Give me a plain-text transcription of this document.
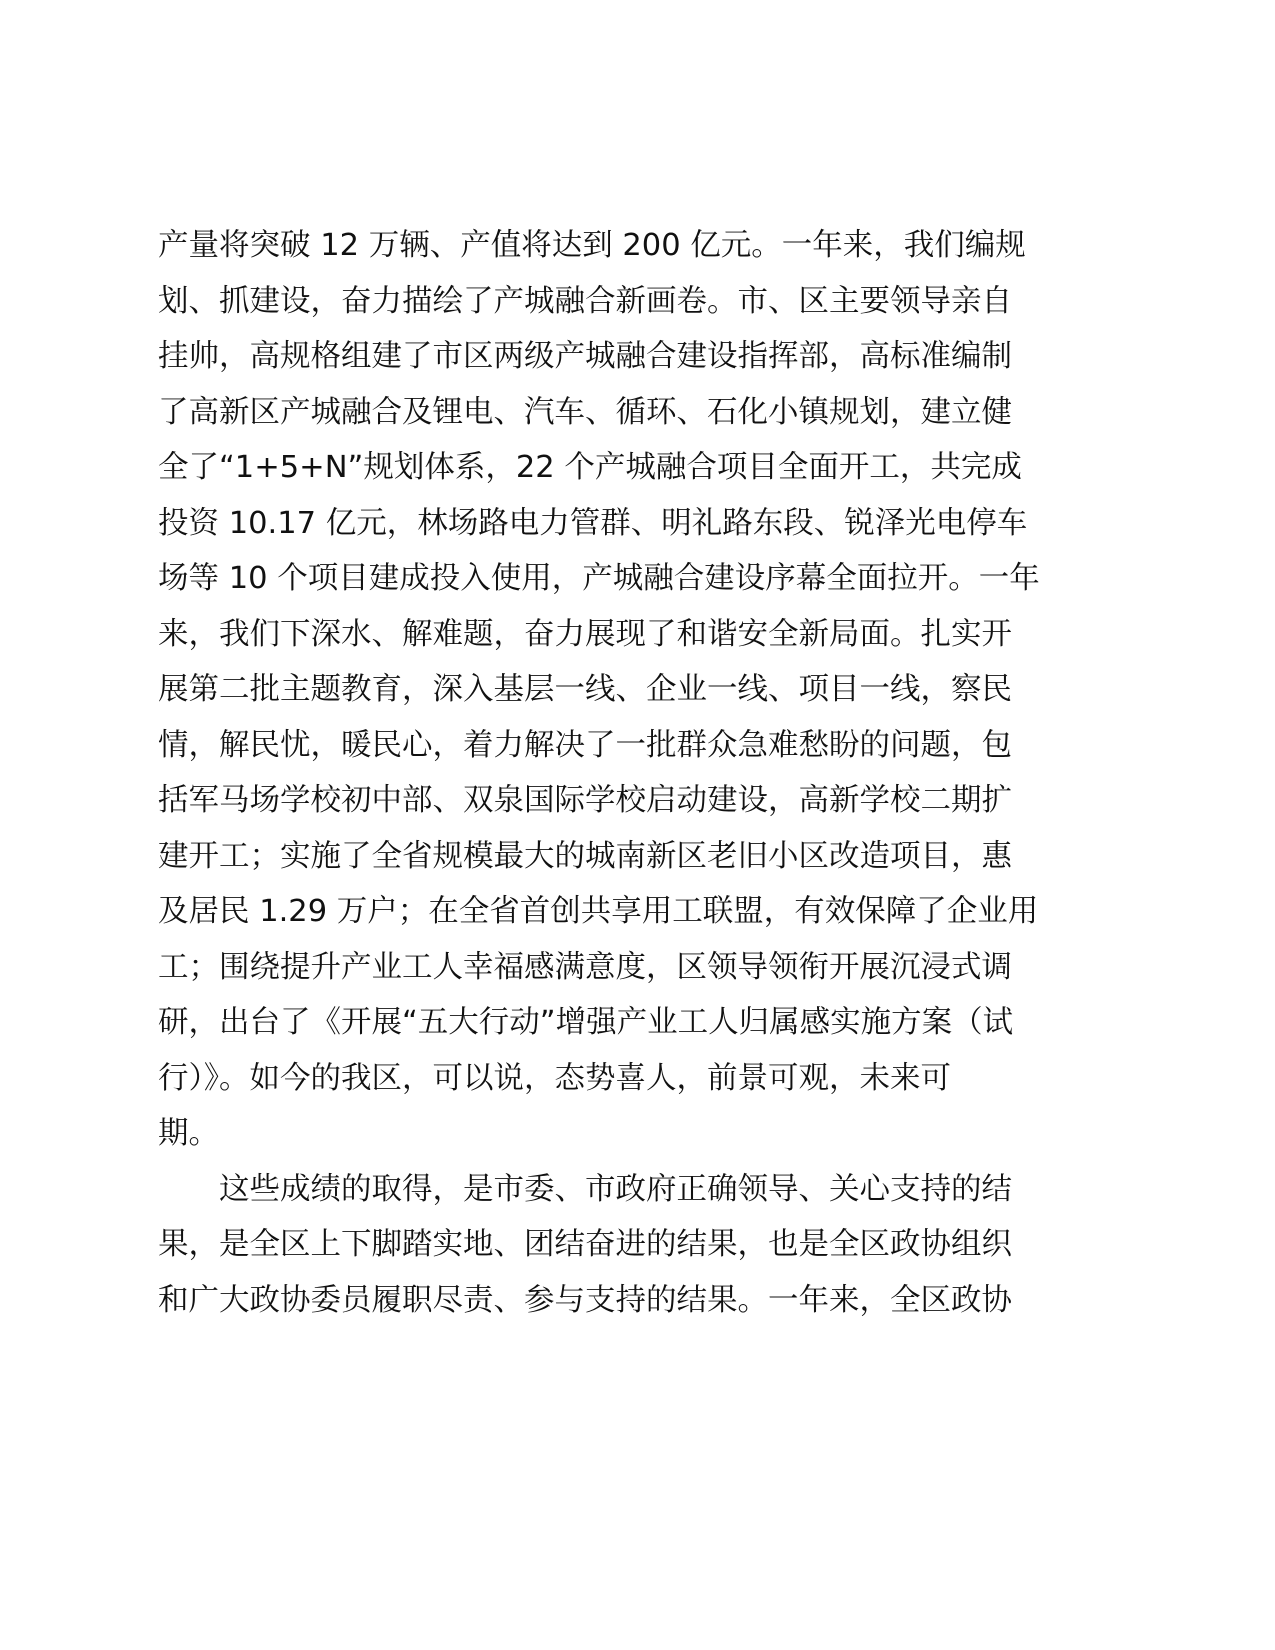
产量将突破 12 万辆、产值将达到 200 亿元。一年来，我们编规

划、抓建设，奋力描绘了产城融合新画卷。市、区主要领导亲自

挂帅，高规格组建了市区两级产城融合建设指挥部，高标准编制

了高新区产城融合及锂电、汽车、循环、石化小镇规划，建立健

全了“1+5+N”规划体系，22 个产城融合项目全面开工，共完成

投资 10.17 亿元，林场路电力管群、明礼路东段、锐泽光电停车

场等 10 个项目建成投入使用，产城融合建设序幕全面拉开。一年

来，我们下深水、解难题，奋力展现了和谐安全新局面。扎实开

展第二批主题教育，深入基层一线、企业一线、项目一线，察民

情，解民忧，暖民心，着力解决了一批群众急难愁盼的问题，包

括军马场学校初中部、双泉国际学校启动建设，高新学校二期扩

建开工；实施了全省规模最大的城南新区老旧小区改造项目，惠

及居民 1.29 万户；在全省首创共享用工联盟，有效保障了企业用

工；围绕提升产业工人幸福感满意度，区领导领衔开展沉浸式调

研，出台了《开展“五大行动”增强产业工人归属感实施方案（试

行）》。如今的我区，可以说，态势喜人，前景可观，未来可

期。

这些成绩的取得，是市委、市政府正确领导、关心支持的结

果，是全区上下脚踏实地、团结奋进的结果，也是全区政协组织

和广大政协委员履职尽责、参与支持的结果。一年来，全区政协
